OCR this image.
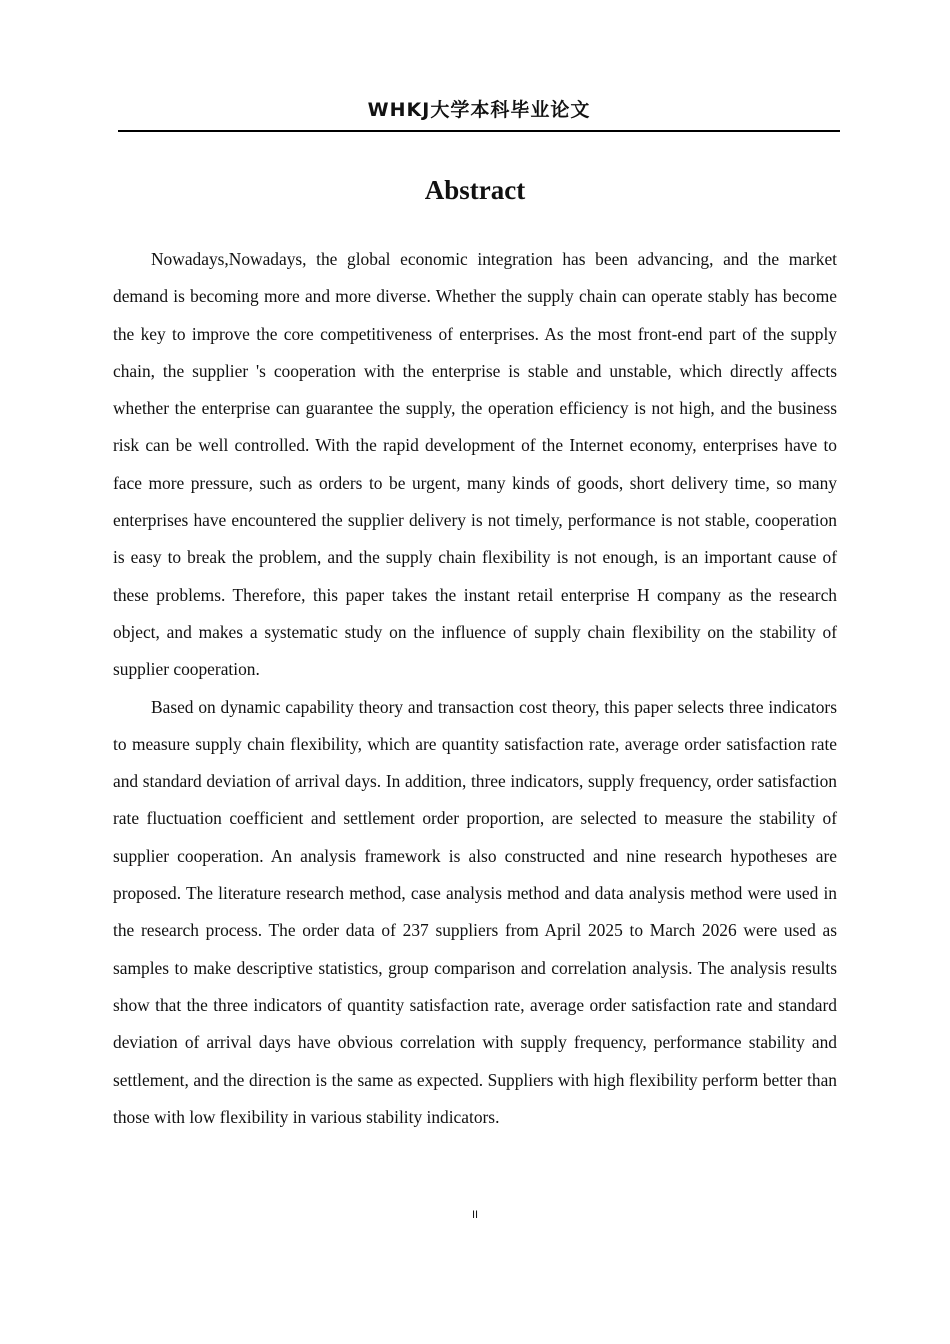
WHKJ大学本科毕业论文
Abstract

Nowadays,Nowadays, the global economic integration has been advancing, and the market demand is becoming more and more diverse. Whether the supply chain can operate stably has become the key to improve the core competitiveness of enterprises. As the most front-end part of the supply chain, the supplier 's cooperation with the enterprise is stable and unstable, which directly affects whether the enterprise can guarantee the supply, the operation efficiency is not high, and the business risk can be well controlled. With the rapid development of the Internet economy, enterprises have to face more pressure, such as orders to be urgent, many kinds of goods, short delivery time, so many enterprises have encountered the supplier delivery is not timely, performance is not stable, cooperation is easy to break the problem, and the supply chain flexibility is not enough, is an important cause of these problems. Therefore, this paper takes the instant retail enterprise H company as the research object, and makes a systematic study on the influence of supply chain flexibility on the stability of supplier cooperation.

Based on dynamic capability theory and transaction cost theory, this paper selects three indicators to measure supply chain flexibility, which are quantity satisfaction rate, average order satisfaction rate and standard deviation of arrival days. In addition, three indicators, supply frequency, order satisfaction rate fluctuation coefficient and settlement order proportion, are selected to measure the stability of supplier cooperation. An analysis framework is also constructed and nine research hypotheses are proposed. The literature research method, case analysis method and data analysis method were used in the research process. The order data of 237 suppliers from April 2025 to March 2026 were used as samples to make descriptive statistics, group comparison and correlation analysis. The analysis results show that the three indicators of quantity satisfaction rate, average order satisfaction rate and standard deviation of arrival days have obvious correlation with supply frequency, performance stability and settlement, and the direction is the same as expected. Suppliers with high flexibility perform better than those with low flexibility in various stability indicators.

II
